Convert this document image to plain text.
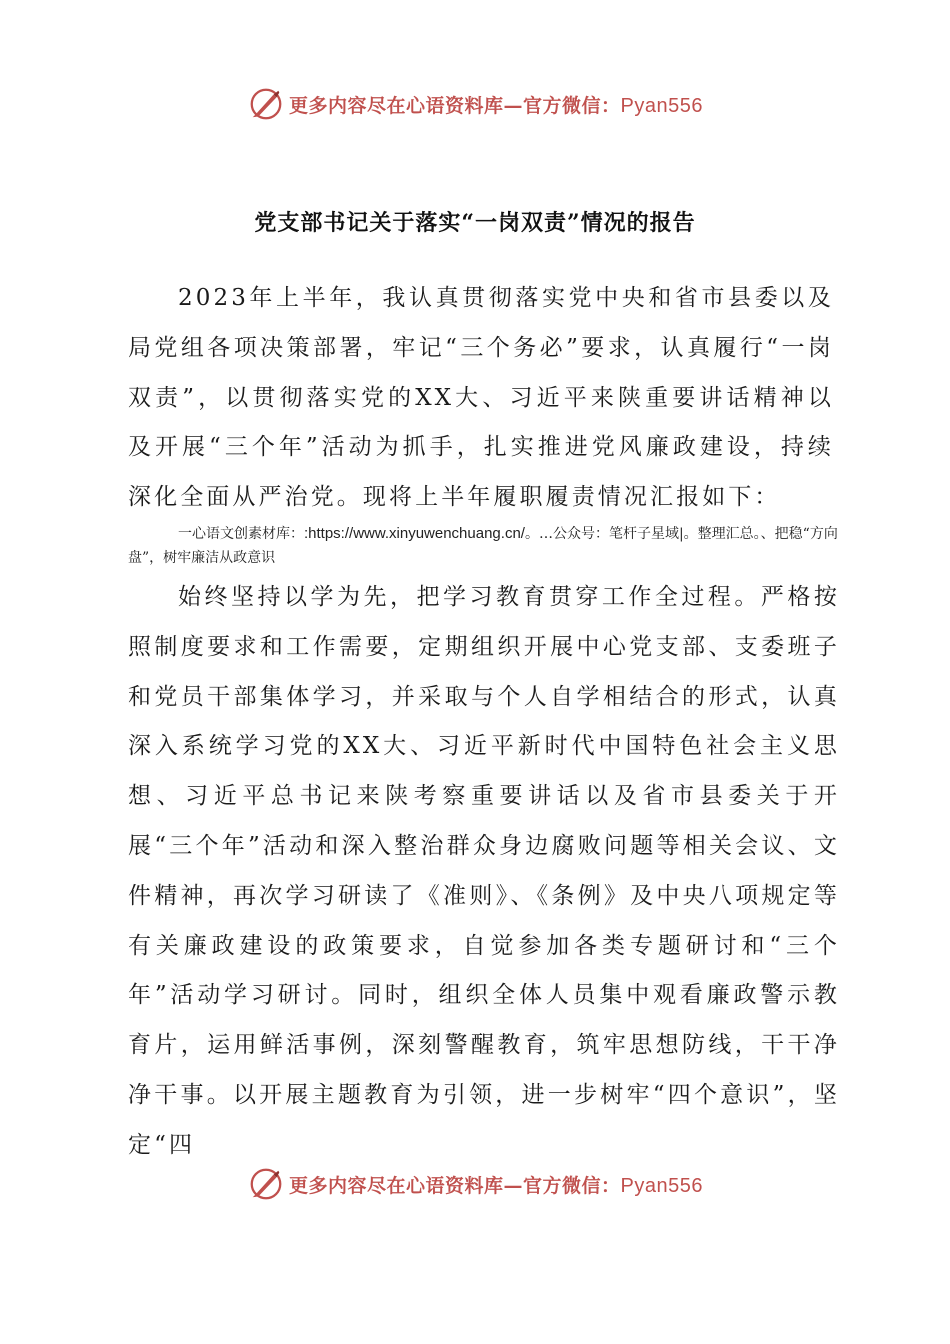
更多内容尽在心语资料库—官方微信：Pyan556
党支部书记关于落实“一岗双责”情况的报告

2023年上半年，我认真贯彻落实党中央和省市县委以及局党组各项决策部署，牢记“三个务必”要求，认真履行“一岗双责”，以贯彻落实党的XX大、习近平来陕重要讲话精神以及开展“三个年”活动为抓手，扎实推进党风廉政建设，持续深化全面从严治党。现将上半年履职履责情况汇报如下：

一心语文创素材库：:https://www.xinyuwenchuang.cn/。…公众号：笔杆子星域|。整理汇总。、把稳“方向盘”，树牢廉洁从政意识

始终坚持以学为先，把学习教育贯穿工作全过程。严格按照制度要求和工作需要，定期组织开展中心党支部、支委班子和党员干部集体学习，并采取与个人自学相结合的形式，认真深入系统学习党的XX大、习近平新时代中国特色社会主义思想、习近平总书记来陕考察重要讲话以及省市县委关于开展“三个年”活动和深入整治群众身边腐败问题等相关会议、文件精神，再次学习研读了《准则》、《条例》及中央八项规定等有关廉政建设的政策要求，自觉参加各类专题研讨和“三个年”活动学习研讨。同时，组织全体人员集中观看廉政警示教育片，运用鲜活事例，深刻警醒教育，筑牢思想防线，干干净净干事。以开展主题教育为引领，进一步树牢“四个意识”，坚定“四

更多内容尽在心语资料库—官方微信：Pyan556
